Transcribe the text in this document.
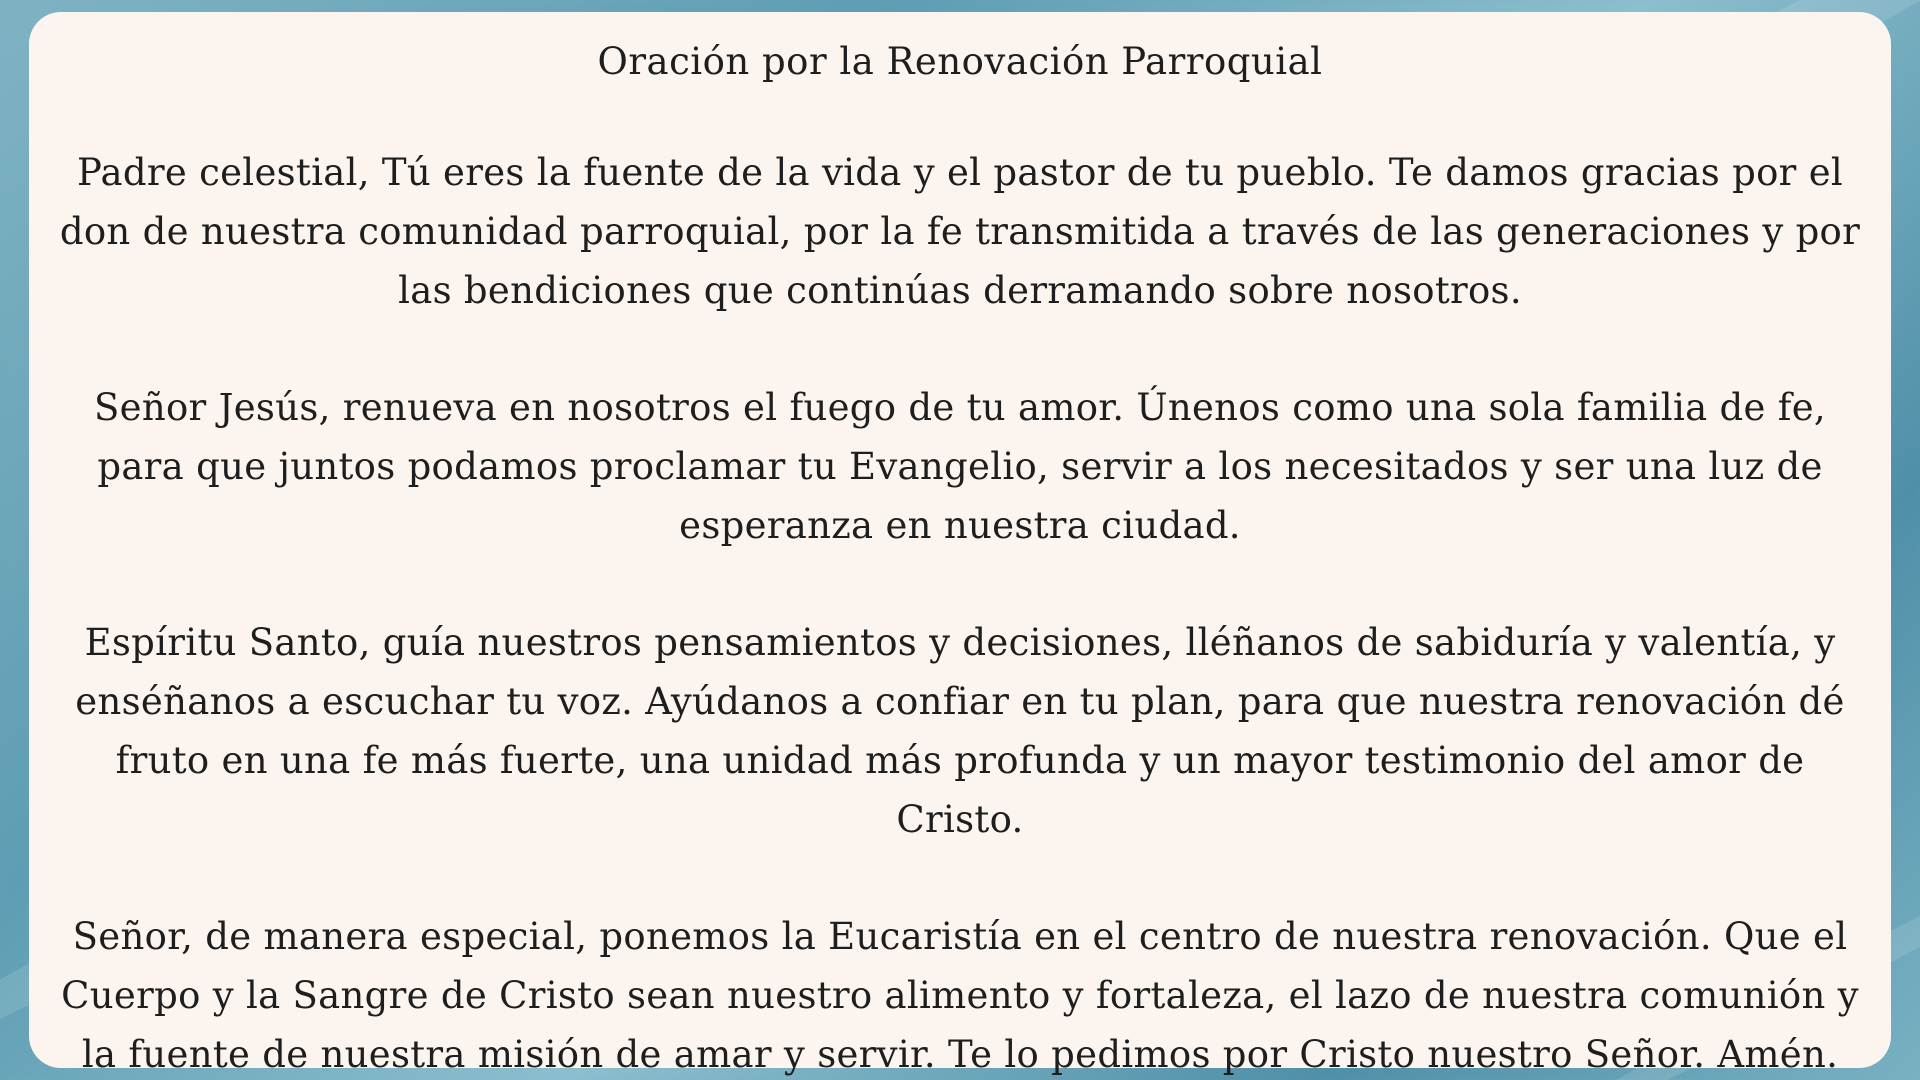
Oración por la Renovación Parroquial

Padre celestial, Tú eres la fuente de la vida y el pastor de tu pueblo. Te damos gracias por el don de nuestra comunidad parroquial, por la fe transmitida a través de las generaciones y por las bendiciones que continúas derramando sobre nosotros.

Señor Jesús, renueva en nosotros el fuego de tu amor. Únenos como una sola familia de fe, para que juntos podamos proclamar tu Evangelio, servir a los necesitados y ser una luz de esperanza en nuestra ciudad.

Espíritu Santo, guía nuestros pensamientos y decisiones, lléñanos de sabiduría y valentía, y enséñanos a escuchar tu voz. Ayúdanos a confiar en tu plan, para que nuestra renovación dé fruto en una fe más fuerte, una unidad más profunda y un mayor testimonio del amor de Cristo.

Señor, de manera especial, ponemos la Eucaristía en el centro de nuestra renovación. Que el Cuerpo y la Sangre de Cristo sean nuestro alimento y fortaleza, el lazo de nuestra comunión y la fuente de nuestra misión de amar y servir. Te lo pedimos por Cristo nuestro Señor. Amén.
